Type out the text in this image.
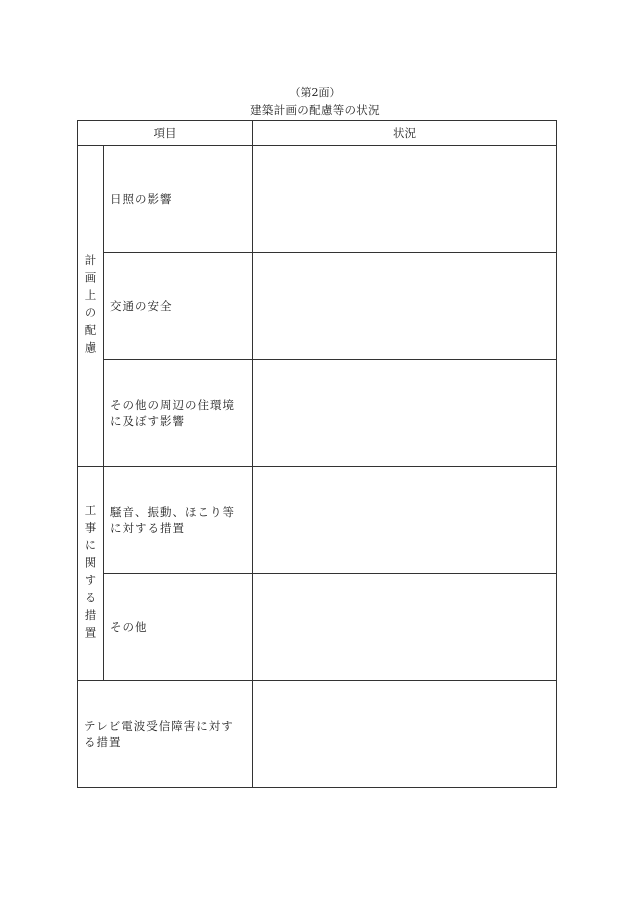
（第2面）
建築計画の配慮等の状況
項目		状況

計画上の配慮	日照の影響	
	交通の安全	
	その他の周辺の住環境に及ぼす影響	

工事に関する措置	騒音、振動、ほこり等に対する措置	
	その他	
テレビ電波受信障害に対する措置		
